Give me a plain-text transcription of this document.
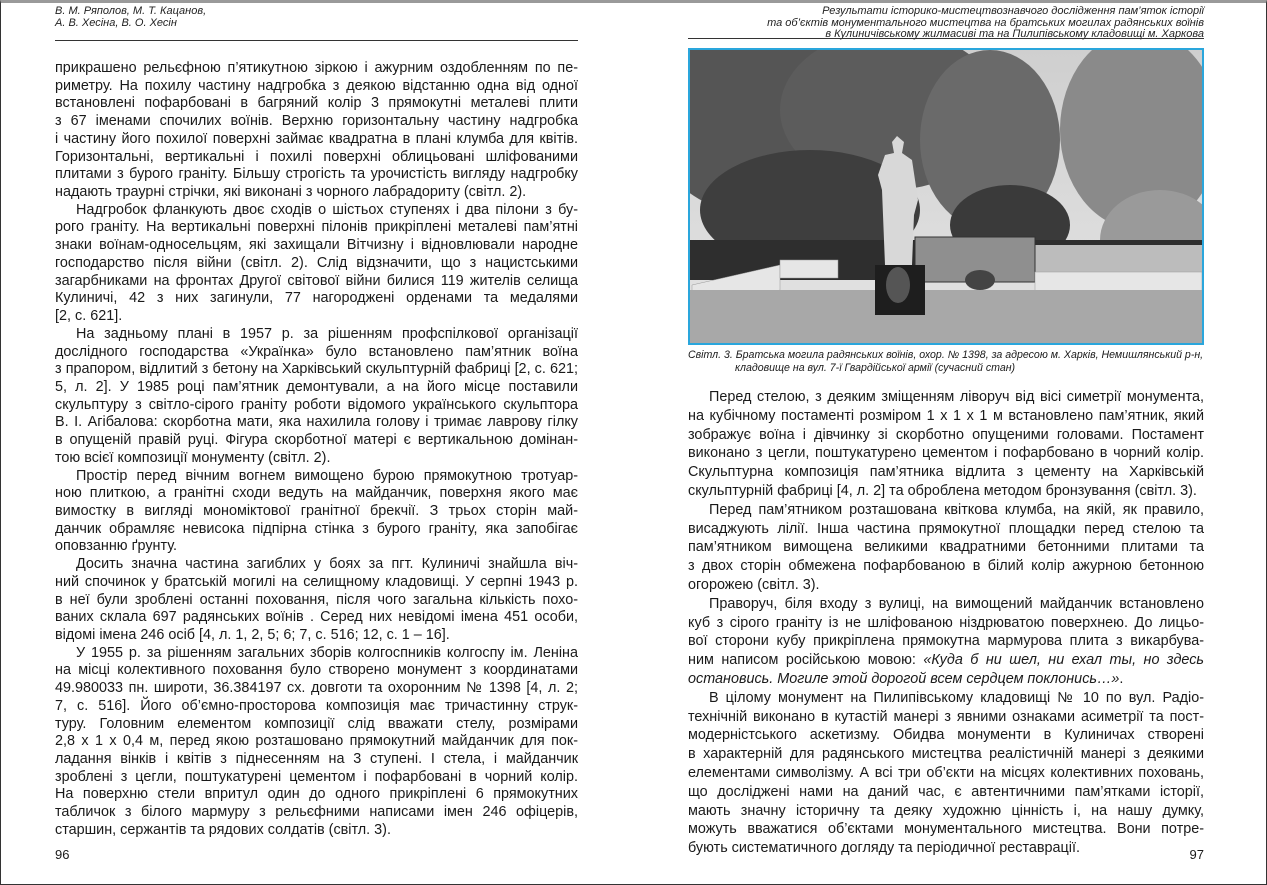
В. М. Ряполов, М. Т. Кацанов,
А. В. Хесіна, В. О. Хесін
прикрашено рельєфною п’ятикутною зіркою і ажурним оздобленням по пе-
риметру. На похилу частину надгробка з деякою відстанню одна від одної
встановлені пофарбовані в багряний колір 3 прямокутні металеві плити
з 67 іменами спочилих воїнів. Верхню горизонтальну частину надгробка
і частину його похилої поверхні займає квадратна в плані клумба для квітів.
Горизонтальні, вертикальні і похилі поверхні облицьовані шліфованими
плитами з бурого граніту. Більшу строгість та урочистість вигляду надгробку
надають траурні стрічки, які виконані з чорного лабрадориту (світл. 2).
Надгробок фланкують двоє сходів о шістьох ступенях і два пілони з бу-
рого граніту. На вертикальні поверхні пілонів прикріплені металеві пам’ятні
знаки воїнам-односельцям, які захищали Вітчизну і відновлювали народне
господарство після війни (світл. 2). Слід відзначити, що з нацистськими
загарбниками на фронтах Другої світової війни билися 119 жителів селища
Кулиничі, 42 з них загинули, 77 нагороджені орденами та медалями
[2, с. 621].
На задньому плані в 1957 р. за рішенням профспілкової організації
дослідного господарства «Українка» було встановлено пам’ятник воїна
з прапором, відлитий з бетону на Харківський скульптурній фабриці [2, с. 621;
5, л. 2]. У 1985 році пам’ятник демонтували, а на його місце поставили
скульптуру з світло-сірого граніту роботи відомого українського скульптора
В. І. Агібалова: скорботна мати, яка нахилила голову і тримає лаврову гілку
в опущеній правій руці. Фігура скорботної матері є вертикальною домінан-
тою всієї композиції монументу (світл. 2).
Простір перед вічним вогнем вимощено бурою прямокутною тротуар-
ною плиткою, а гранітні сходи ведуть на майданчик, поверхня якого має
вимостку в вигляді мономіктової гранітної брекчії. З трьох сторін май-
данчик обрамляє невисока підпірна стінка з бурого граніту, яка запобігає
оповзанню ґрунту.
Досить значна частина загиблих у боях за пгт. Кулиничі знайшла віч-
ний спочинок у братській могилі на селищному кладовищі. У серпні 1943 р.
в неї були зроблені останні поховання, після чого загальна кількість похо-
ваних склала 697 радянських воїнів . Серед них невідомі імена 451 особи,
відомі імена 246 осіб [4, л. 1, 2, 5; 6; 7, с. 516; 12, с. 1 – 16].
У 1955 р. за рішенням загальних зборів колгоспників колгоспу ім. Леніна
на місці колективного поховання було створено монумент з координатами
49.980033 пн. широти, 36.384197 сх. довготи та охоронним № 1398 [4, л. 2;
7, с. 516]. Його об’ємно-просторова композиція має тричастинну струк-
туру. Головним елементом композиції слід вважати стелу, розмірами
2,8 х 1 х 0,4 м, перед якою розташовано прямокутний майданчик для пок-
ладання вінків і квітів з піднесенням на 3 ступені. І стела, і майданчик
зроблені з цегли, поштукатурені цементом і пофарбовані в чорний колір.
На поверхню стели впритул один до одного прикріплені 6 прямокутних
табличок з білого мармуру з рельєфними написами імен 246 офіцерів,
старшин, сержантів та рядових солдатів (світл. 3).
96
Результати історико-мистецтвознавчого дослідження пам’яток історії
та об’єктів монументального мистецтва на братських могилах радянських воїнів
в Кулиничівському жилмасиві та на Пилипівському кладовищі м. Харкова
Світл. 3. Братська могила радянських воїнів, охор. № 1398, за адресою м. Харків, Немишлянський р-н,
кладовище на вул. 7-ї Гвардійської армії (сучасний стан)
Перед стелою, з деяким зміщенням ліворуч від вісі симетрії монумента,
на кубічному постаменті розміром 1 х 1 х 1 м встановлено пам’ятник, який
зображує воїна і дівчинку зі скорботно опущеними головами. Постамент
виконано з цегли, поштукатурено цементом і пофарбовано в чорний колір.
Скульптурна композиція пам’ятника відлита з цементу на Харківській
скульптурній фабриці [4, л. 2] та оброблена методом бронзування (світл. 3).
Перед пам’ятником розташована квіткова клумба, на якій, як правило,
висаджують лілії. Інша частина прямокутної площадки перед стелою та
пам’ятником вимощена великими квадратними бетонними плитами та
з двох сторін обмежена пофарбованою в білий колір ажурною бетонною
огорожею (світл. 3).
Праворуч, біля входу з вулиці, на вимощений майданчик встановлено
куб з сірого граніту із не шліфованою ніздрюватою поверхнею. До лицьо-
вої сторони кубу прикріплена прямокутна мармурова плита з викарбува-
ним написом російською мовою: «Куда б ни шел, ни ехал ты, но здесь
остановись. Могиле этой дорогой всем сердцем поклонись…».
В цілому монумент на Пилипівському кладовищі № 10 по вул. Радіо-
технічній виконано в кутастій манері з явними ознаками асиметрії та пост-
модерністського аскетизму. Обидва монументи в Кулиничах створені
в характерній для радянського мистецтва реалістичній манері з деякими
елементами символізму. А всі три об’єкти на місцях колективних поховань,
що досліджені нами на даний час, є автентичними пам’ятками історії,
мають значну історичну та деяку художню цінність і, на нашу думку,
можуть вважатися об’єктами монументального мистецтва. Вони потре-
бують систематичного догляду та періодичної реставрації.	97
